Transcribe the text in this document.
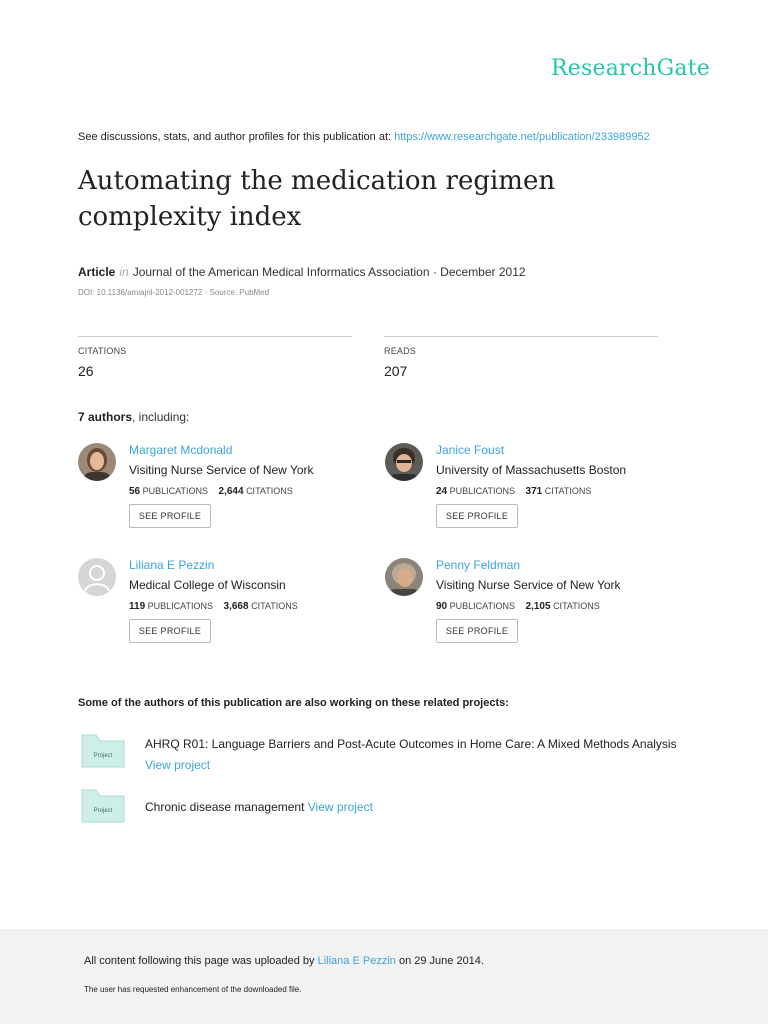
ResearchGate
See discussions, stats, and author profiles for this publication at: https://www.researchgate.net/publication/233989952
Automating the medication regimen complexity index
Article in Journal of the American Medical Informatics Association · December 2012
DOI: 10.1136/amiajnl-2012-001272 · Source: PubMed
CITATIONS
26
READS
207
7 authors, including:
Margaret Mcdonald
Visiting Nurse Service of New York
56 PUBLICATIONS 2,644 CITATIONS
SEE PROFILE
Janice Foust
University of Massachusetts Boston
24 PUBLICATIONS 371 CITATIONS
SEE PROFILE
Liliana E Pezzin
Medical College of Wisconsin
119 PUBLICATIONS 3,668 CITATIONS
SEE PROFILE
Penny Feldman
Visiting Nurse Service of New York
90 PUBLICATIONS 2,105 CITATIONS
SEE PROFILE
Some of the authors of this publication are also working on these related projects:
Project
AHRQ R01: Language Barriers and Post-Acute Outcomes in Home Care: A Mixed Methods Analysis
View project
Project	Chronic disease management View project
All content following this page was uploaded by Liliana E Pezzin on 29 June 2014.
The user has requested enhancement of the downloaded file.
